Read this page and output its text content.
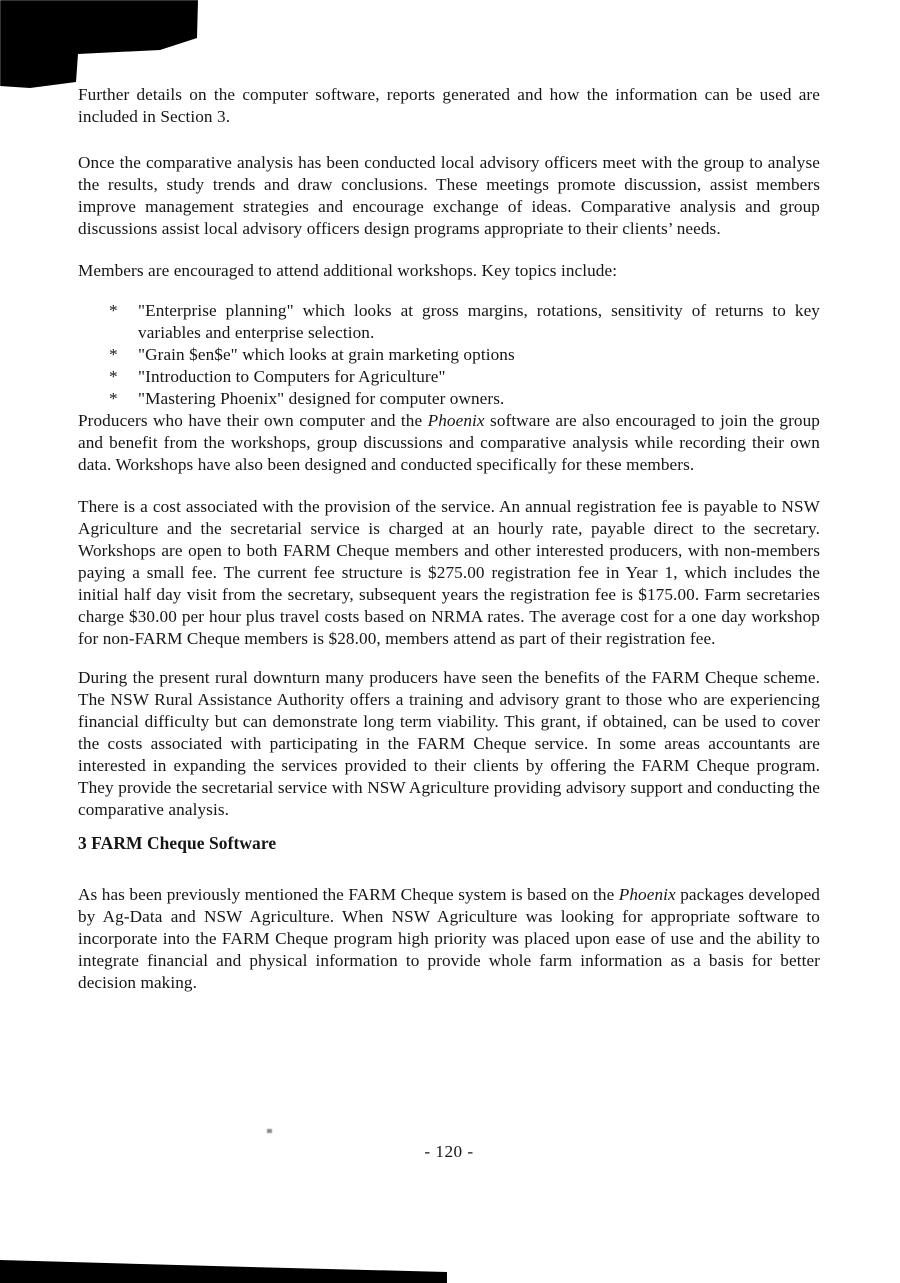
Further details on the computer software, reports generated and how the information can be used are included in Section 3.

Once the comparative analysis has been conducted local advisory officers meet with the group to analyse the results, study trends and draw conclusions. These meetings promote discussion, assist members improve management strategies and encourage exchange of ideas. Comparative analysis and group discussions assist local advisory officers design programs appropriate to their clients’ needs.

Members are encouraged to attend additional workshops. Key topics include:

* "Enterprise planning" which looks at gross margins, rotations, sensitivity of returns to key variables and enterprise selection.
* "Grain $en$e" which looks at grain marketing options
* "Introduction to Computers for Agriculture"
* "Mastering Phoenix" designed for computer owners.

Producers who have their own computer and the Phoenix software are also encouraged to join the group and benefit from the workshops, group discussions and comparative analysis while recording their own data. Workshops have also been designed and conducted specifically for these members.

There is a cost associated with the provision of the service. An annual registration fee is payable to NSW Agriculture and the secretarial service is charged at an hourly rate, payable direct to the secretary. Workshops are open to both FARM Cheque members and other interested producers, with non-members paying a small fee. The current fee structure is $275.00 registration fee in Year 1, which includes the initial half day visit from the secretary, subsequent years the registration fee is $175.00. Farm secretaries charge $30.00 per hour plus travel costs based on NRMA rates. The average cost for a one day workshop for non-FARM Cheque members is $28.00, members attend as part of their registration fee.

During the present rural downturn many producers have seen the benefits of the FARM Cheque scheme. The NSW Rural Assistance Authority offers a training and advisory grant to those who are experiencing financial difficulty but can demonstrate long term viability. This grant, if obtained, can be used to cover the costs associated with participating in the FARM Cheque service. In some areas accountants are interested in expanding the services provided to their clients by offering the FARM Cheque program. They provide the secretarial service with NSW Agriculture providing advisory support and conducting the comparative analysis.

3 FARM Cheque Software

As has been previously mentioned the FARM Cheque system is based on the Phoenix packages developed by Ag-Data and NSW Agriculture. When NSW Agriculture was looking for appropriate software to incorporate into the FARM Cheque program high priority was placed upon ease of use and the ability to integrate financial and physical information to provide whole farm information as a basis for better decision making.

- 120 -
